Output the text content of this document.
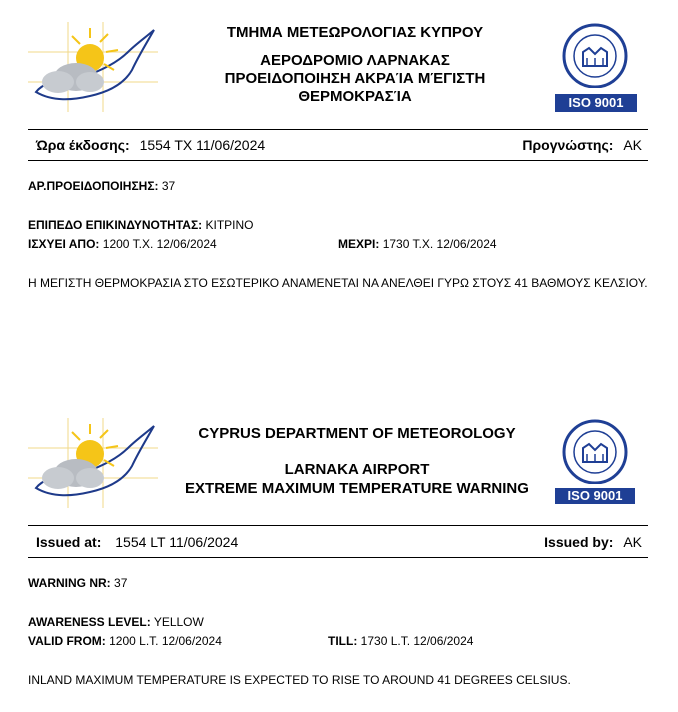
ΤΜΗΜΑ ΜΕΤΕΩΡΟΛΟΓΙΑΣ ΚΥΠΡΟΥ
ΑΕΡΟΔΡΟΜΙΟ ΛΑΡΝΑΚΑΣ
ΠΡΟΕΙΔΟΠΟΙΗΣΗ ΑΚΡΑΊΑ ΜΈΓΙΣΤΗ
ΘΕΡΜΟΚΡΑΣΊΑ	ISO 9001
Ώρα έκδοσης: 1554 ΤΧ 11/06/2024	Προγνώστης: AK
ΑΡ.ΠΡΟΕΙΔΟΠΟΙΗΣΗΣ: 37
ΕΠΙΠΕΔΟ ΕΠΙΚΙΝΔΥΝΟΤΗΤΑΣ: ΚΙΤΡΙΝΟ
ΙΣΧΥΕΙ ΑΠΟ: 1200 Τ.Χ. 12/06/2024	ΜΕΧΡΙ: 1730 Τ.Χ. 12/06/2024
Η ΜΕΓΙΣΤΗ ΘΕΡΜΟΚΡΑΣΙΑ ΣΤΟ ΕΣΩΤΕΡΙΚΟ ΑΝΑΜΕΝΕΤΑΙ ΝΑ ΑΝΕΛΘΕΙ ΓΥΡΩ ΣΤΟΥΣ 41 ΒΑΘΜΟΥΣ ΚΕΛΣΙΟΥ.
CYPRUS DEPARTMENT OF METEOROLOGY
LARNAKA AIRPORT
EXTREME MAXIMUM TEMPERATURE WARNING	ISO 9001
Issued at: 1554 LT 11/06/2024	Issued by: AK
WARNING NR: 37
AWARENESS LEVEL: YELLOW
VALID FROM: 1200 L.T. 12/06/2024	TILL: 1730 L.T. 12/06/2024
INLAND MAXIMUM TEMPERATURE IS EXPECTED TO RISE TO AROUND 41 DEGREES CELSIUS.
